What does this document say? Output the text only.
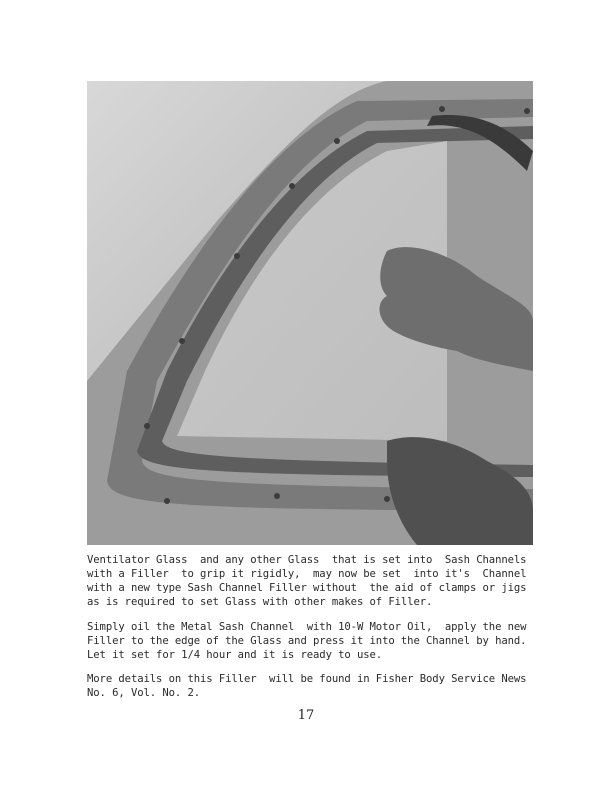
Ventilator Glass  and any other Glass  that is set into  Sash Channels
with a Filler  to grip it rigidly,  may now be set  into it's  Channel
with a new type Sash Channel Filler without  the aid of clamps or jigs
as is required to set Glass with other makes of Filler.
Simply oil the Metal Sash Channel  with 10-W Motor Oil,  apply the new
Filler to the edge of the Glass and press it into the Channel by hand.
Let it set for 1/4 hour and it is ready to use.
More details on this Filler  will be found in Fisher Body Service News
No. 6, Vol. No. 2.
17
